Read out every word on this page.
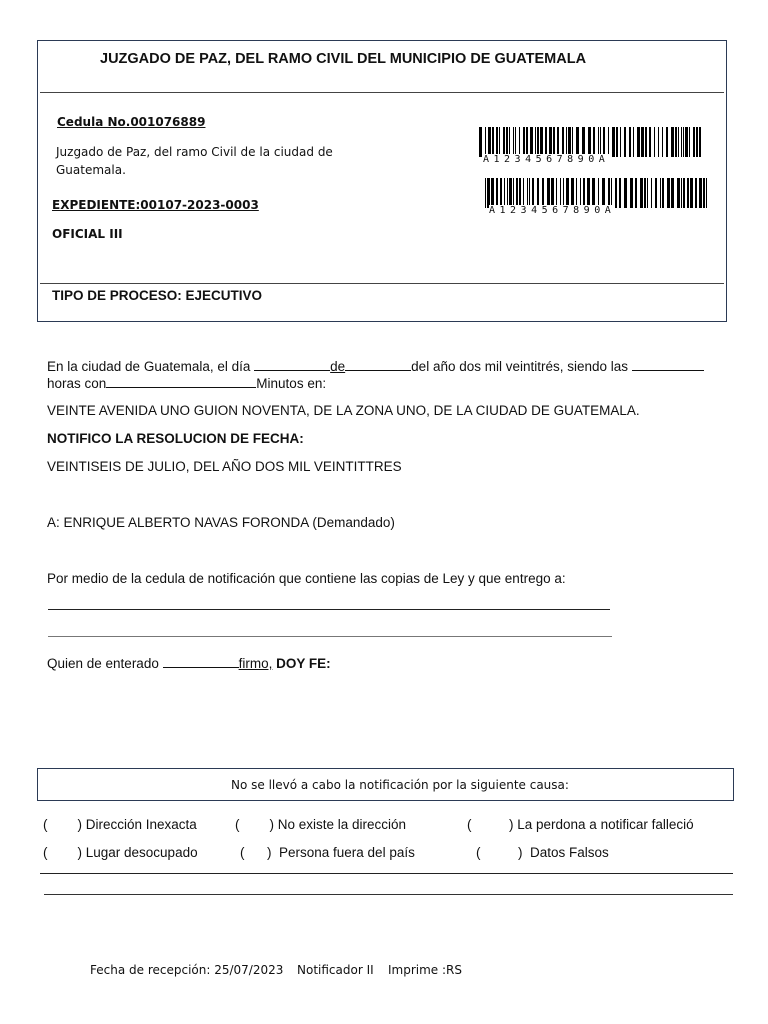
JUZGADO DE PAZ, DEL RAMO CIVIL DEL MUNICIPIO DE GUATEMALA
Cedula No.001076889
Juzgado de Paz, del ramo Civil de la ciudad de
Guatemala.
EXPEDIENTE:00107-2023-0003
OFICIAL III
A1234567890A
A1234567890A
TIPO DE PROCESO: EJECUTIVO
En la ciudad de Guatemala, el día	de	del año dos mil veintitrés, siendo las
horas con	Minutos en:
VEINTE AVENIDA UNO GUION NOVENTA, DE LA ZONA UNO, DE LA CIUDAD DE GUATEMALA.
NOTIFICO LA RESOLUCION DE FECHA:
VEINTISEIS DE JULIO, DEL AÑO DOS MIL VEINTITTRES
A: ENRIQUE ALBERTO NAVAS FORONDA (Demandado)
Por medio de la cedula de notificación que contiene las copias de Ley y que entrego a:
Quien de enterado	firmo, DOY FE:
No se llevó a cabo la notificación por la siguiente causa:
(        ) Dirección Inexacta	(        ) No existe la dirección	(          ) La perdona a notificar falleció
(        ) Lugar desocupado	(      )  Persona fuera del país	(          )  Datos Falsos
Fecha de recepción: 25/07/2023 Notificador II Imprime :RS
